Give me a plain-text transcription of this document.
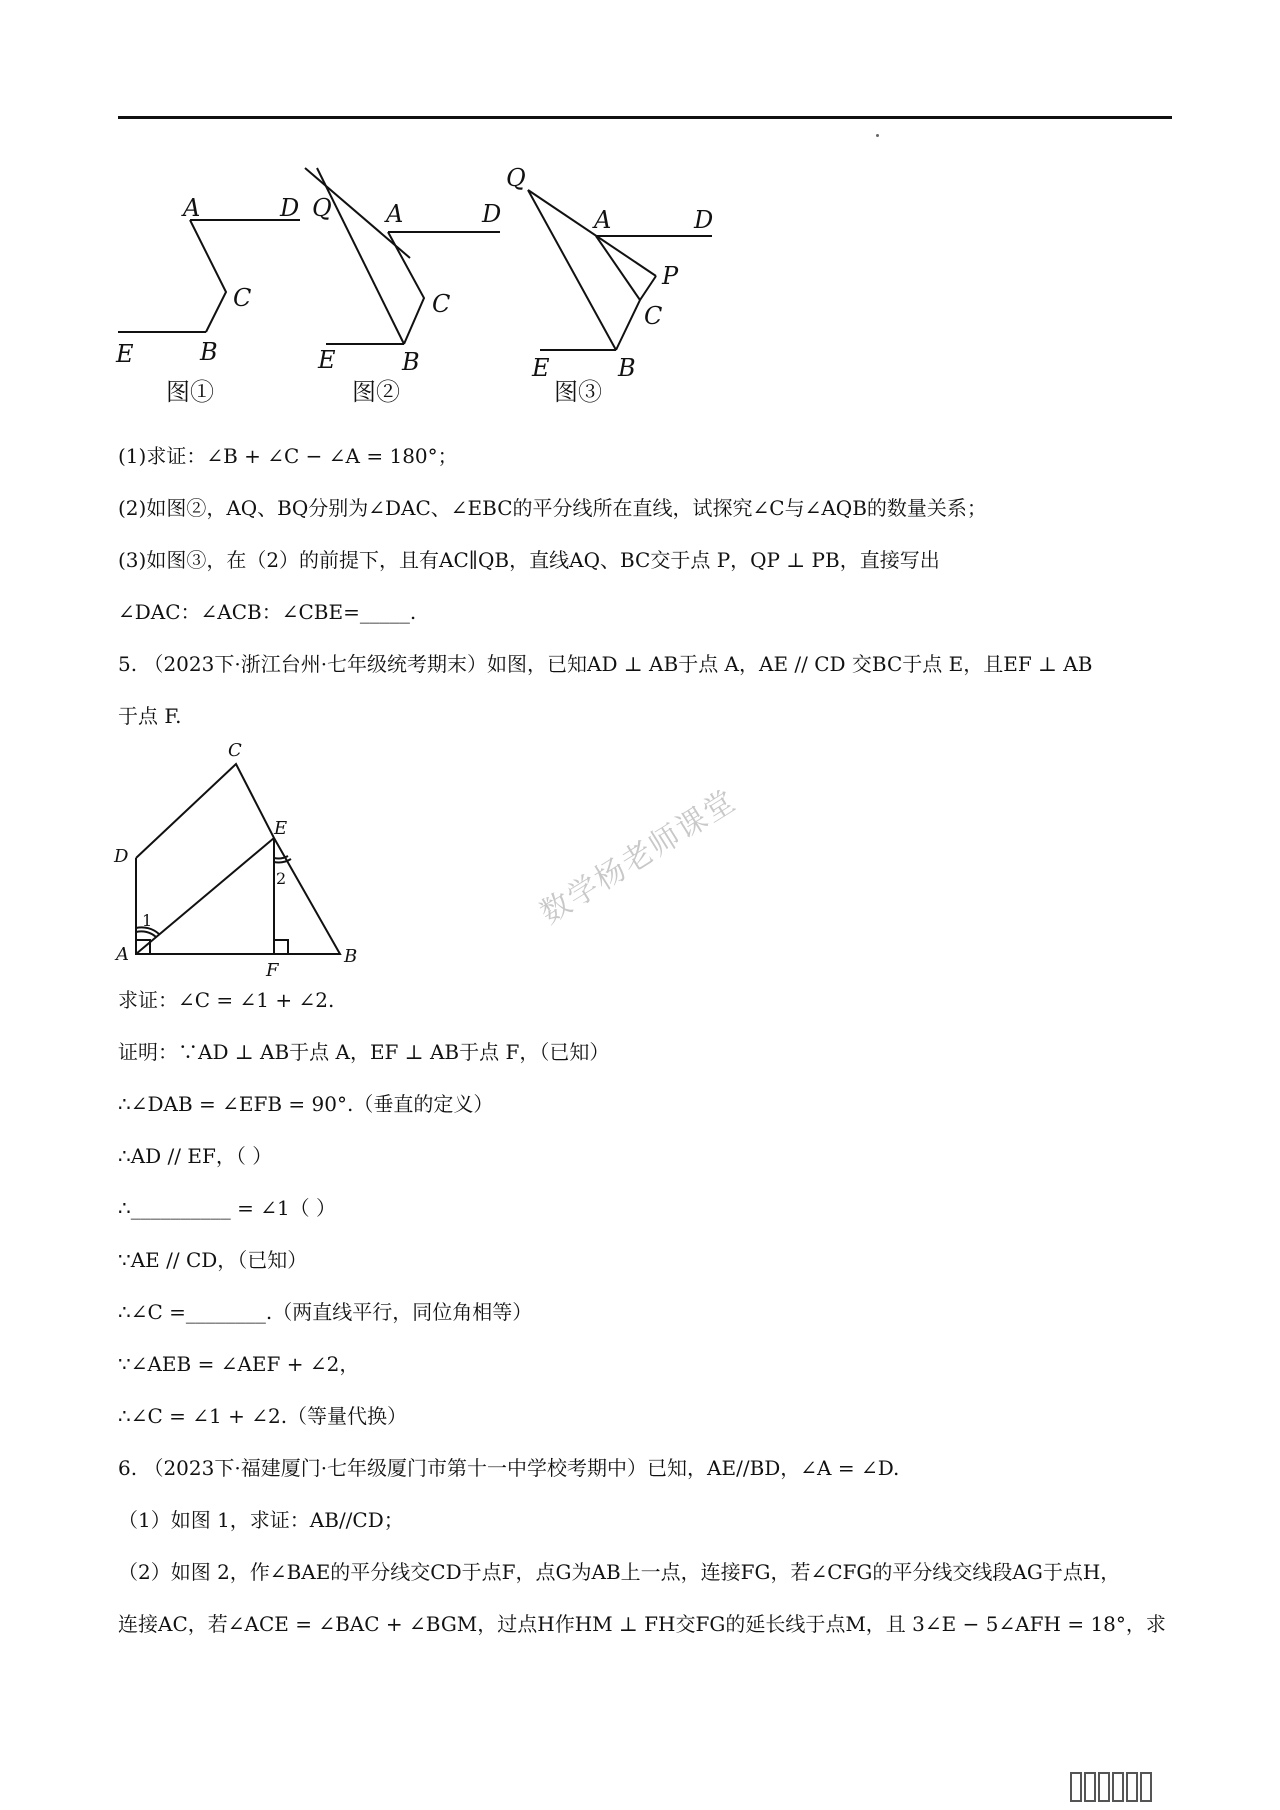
A	D
C
E	B
图①
Q A	D
C
E	B
图②
Q
A	D
P
C
E	B
图③
(1)求证：∠B + ∠C − ∠A = 180°；
(2)如图②，AQ、BQ分别为∠DAC、∠EBC的平分线所在直线，试探究∠C与∠AQB的数量关系；
(3)如图③，在（2）的前提下，且有AC∥QB，直线AQ、BC交于点 P，QP ⊥ PB，直接写出
∠DAC：∠ACB：∠CBE=_____.
5. （2023下·浙江台州·七年级统考期末）如图，已知AD ⊥ AB于点 A，AE // CD 交BC于点 E，且EF ⊥ AB
于点 F.
C
D
E
A
F
B
1
2	数学杨老师课堂
求证：∠C = ∠1 + ∠2.
证明：∵AD ⊥ AB于点 A，EF ⊥ AB于点 F，（已知）
∴∠DAB = ∠EFB = 90°.（垂直的定义）
∴AD // EF，（ ）
∴__________ = ∠1（ ）
∵AE // CD，（已知）
∴∠C =________.（两直线平行，同位角相等）
∵∠AEB = ∠AEF + ∠2，
∴∠C = ∠1 + ∠2.（等量代换）
6. （2023下·福建厦门·七年级厦门市第十一中学校考期中）已知，AE//BD，∠A = ∠D.
（1）如图 1，求证：AB//CD；
（2）如图 2，作∠BAE的平分线交CD于点F，点G为AB上一点，连接FG，若∠CFG的平分线交线段AG于点H，
连接AC，若∠ACE = ∠BAC + ∠BGM，过点H作HM ⊥ FH交FG的延长线于点M，且 3∠E − 5∠AFH = 18°，求
